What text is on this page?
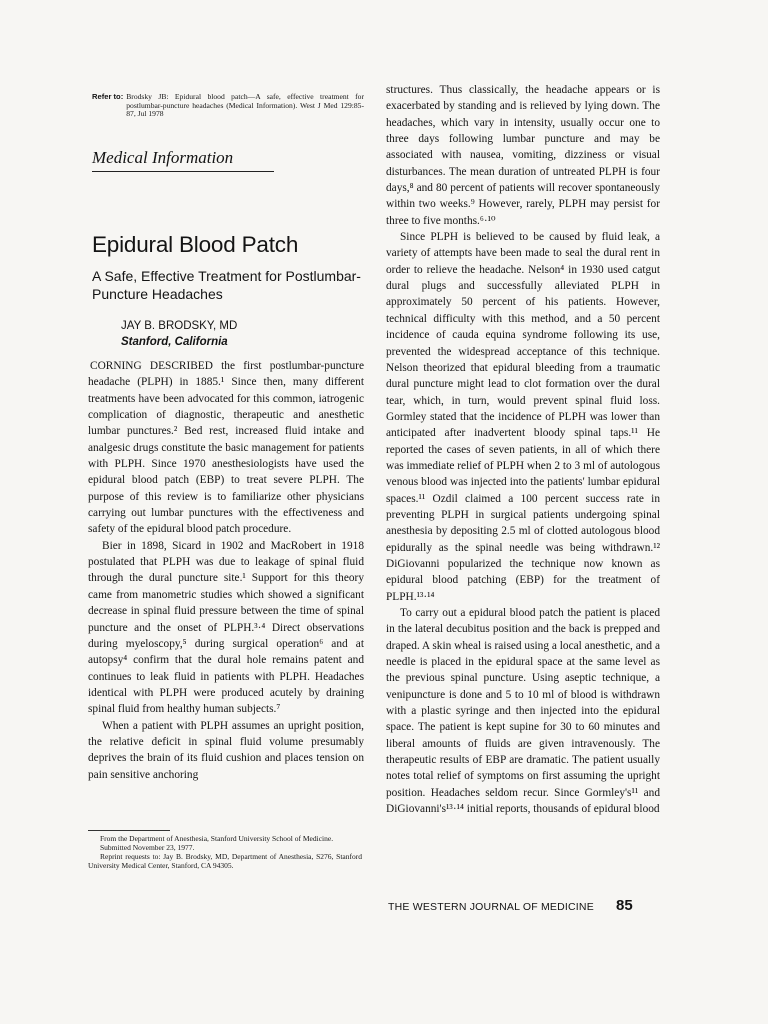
Refer to: Brodsky JB: Epidural blood patch—A safe, effective treatment for postlumbar-puncture headaches (Medical Information). West J Med 129:85-87, Jul 1978
Medical Information
Epidural Blood Patch
A Safe, Effective Treatment for Postlumbar-Puncture Headaches
JAY B. BRODSKY, MD
Stanford, California

CORNING DESCRIBED the first postlumbar-puncture headache (PLPH) in 1885.¹ Since then, many different treatments have been advocated for this common, iatrogenic complication of diagnostic, therapeutic and anesthetic lumbar punctures.² Bed rest, increased fluid intake and analgesic drugs constitute the basic management for patients with PLPH. Since 1970 anesthesiologists have used the epidural blood patch (EBP) to treat severe PLPH. The purpose of this review is to familiarize other physicians carrying out lumbar punctures with the effectiveness and safety of the epidural blood patch procedure.

Bier in 1898, Sicard in 1902 and MacRobert in 1918 postulated that PLPH was due to leakage of spinal fluid through the dural puncture site.¹ Support for this theory came from manometric studies which showed a significant decrease in spinal fluid pressure between the time of spinal puncture and the onset of PLPH.³·⁴ Direct observations during myeloscopy,⁵ during surgical operation⁶ and at autopsy⁴ confirm that the dural hole remains patent and continues to leak fluid in patients with PLPH. Headaches identical with PLPH were produced acutely by draining spinal fluid from healthy human subjects.⁷

When a patient with PLPH assumes an upright position, the relative deficit in spinal fluid volume presumably deprives the brain of its fluid cushion and places tension on pain sensitive anchoring

From the Department of Anesthesia, Stanford University School of Medicine.
Submitted November 23, 1977.
Reprint requests to: Jay B. Brodsky, MD, Department of Anesthesia, S276, Stanford University Medical Center, Stanford, CA 94305.

structures. Thus classically, the headache appears or is exacerbated by standing and is relieved by lying down. The headaches, which vary in intensity, usually occur one to three days following lumbar puncture and may be associated with nausea, vomiting, dizziness or visual disturbances. The mean duration of untreated PLPH is four days,⁸ and 80 percent of patients will recover spontaneously within two weeks.⁹ However, rarely, PLPH may persist for three to five months.⁶·¹⁰

Since PLPH is believed to be caused by fluid leak, a variety of attempts have been made to seal the dural rent in order to relieve the headache. Nelson⁴ in 1930 used catgut dural plugs and successfully alleviated PLPH in approximately 50 percent of his patients. However, technical difficulty with this method, and a 50 percent incidence of cauda equina syndrome following its use, prevented the widespread acceptance of this technique. Nelson theorized that epidural bleeding from a traumatic dural puncture might lead to clot formation over the dural tear, which, in turn, would prevent spinal fluid loss. Gormley stated that the incidence of PLPH was lower than anticipated after inadvertent bloody spinal taps.¹¹ He reported the cases of seven patients, in all of which there was immediate relief of PLPH when 2 to 3 ml of autologous venous blood was injected into the patients' lumbar epidural spaces.¹¹ Ozdil claimed a 100 percent success rate in preventing PLPH in surgical patients undergoing spinal anesthesia by depositing 2.5 ml of clotted autologous blood epidurally as the spinal needle was being withdrawn.¹² DiGiovanni popularized the technique now known as epidural blood patching (EBP) for the treatment of PLPH.¹³·¹⁴

To carry out a epidural blood patch the patient is placed in the lateral decubitus position and the back is prepped and draped. A skin wheal is raised using a local anesthetic, and a needle is placed in the epidural space at the same level as the previous spinal puncture. Using aseptic technique, a venipuncture is done and 5 to 10 ml of blood is withdrawn with a plastic syringe and then injected into the epidural space. The patient is kept supine for 30 to 60 minutes and liberal amounts of fluids are given intravenously. The therapeutic results of EBP are dramatic. The patient usually notes total relief of symptoms on first assuming the upright position. Headaches seldom recur. Since Gormley's¹¹ and DiGiovanni's¹³·¹⁴ initial reports, thousands of epidural blood

THE WESTERN JOURNAL OF MEDICINE 85
